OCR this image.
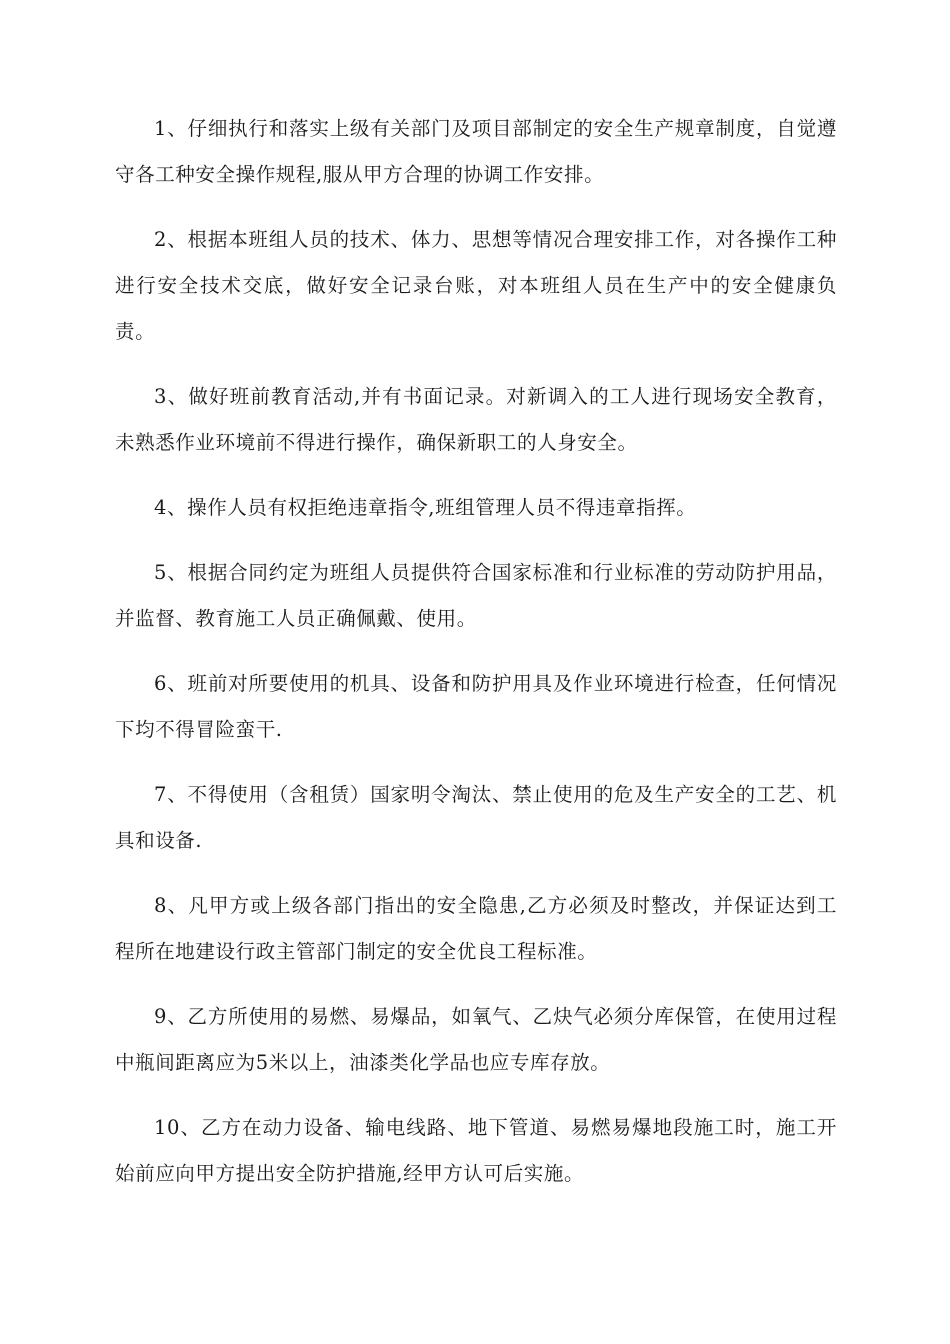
1、仔细执行和落实上级有关部门及项目部制定的安全生产规章制度，自觉遵守各工种安全操作规程,服从甲方合理的协调工作安排。

2、根据本班组人员的技术、体力、思想等情况合理安排工作，对各操作工种进行安全技术交底，做好安全记录台账，对本班组人员在生产中的安全健康负责。

3、做好班前教育活动,并有书面记录。对新调入的工人进行现场安全教育，未熟悉作业环境前不得进行操作，确保新职工的人身安全。

4、操作人员有权拒绝违章指令,班组管理人员不得违章指挥。

5、根据合同约定为班组人员提供符合国家标准和行业标准的劳动防护用品，并监督、教育施工人员正确佩戴、使用。

6、班前对所要使用的机具、设备和防护用具及作业环境进行检查，任何情况下均不得冒险蛮干.

7、不得使用（含租赁）国家明令淘汰、禁止使用的危及生产安全的工艺、机具和设备.

8、凡甲方或上级各部门指出的安全隐患,乙方必须及时整改，并保证达到工程所在地建设行政主管部门制定的安全优良工程标准。

9、乙方所使用的易燃、易爆品，如氧气、乙炔气必须分库保管，在使用过程中瓶间距离应为5米以上，油漆类化学品也应专库存放。

10、乙方在动力设备、输电线路、地下管道、易燃易爆地段施工时，施工开始前应向甲方提出安全防护措施,经甲方认可后实施。
